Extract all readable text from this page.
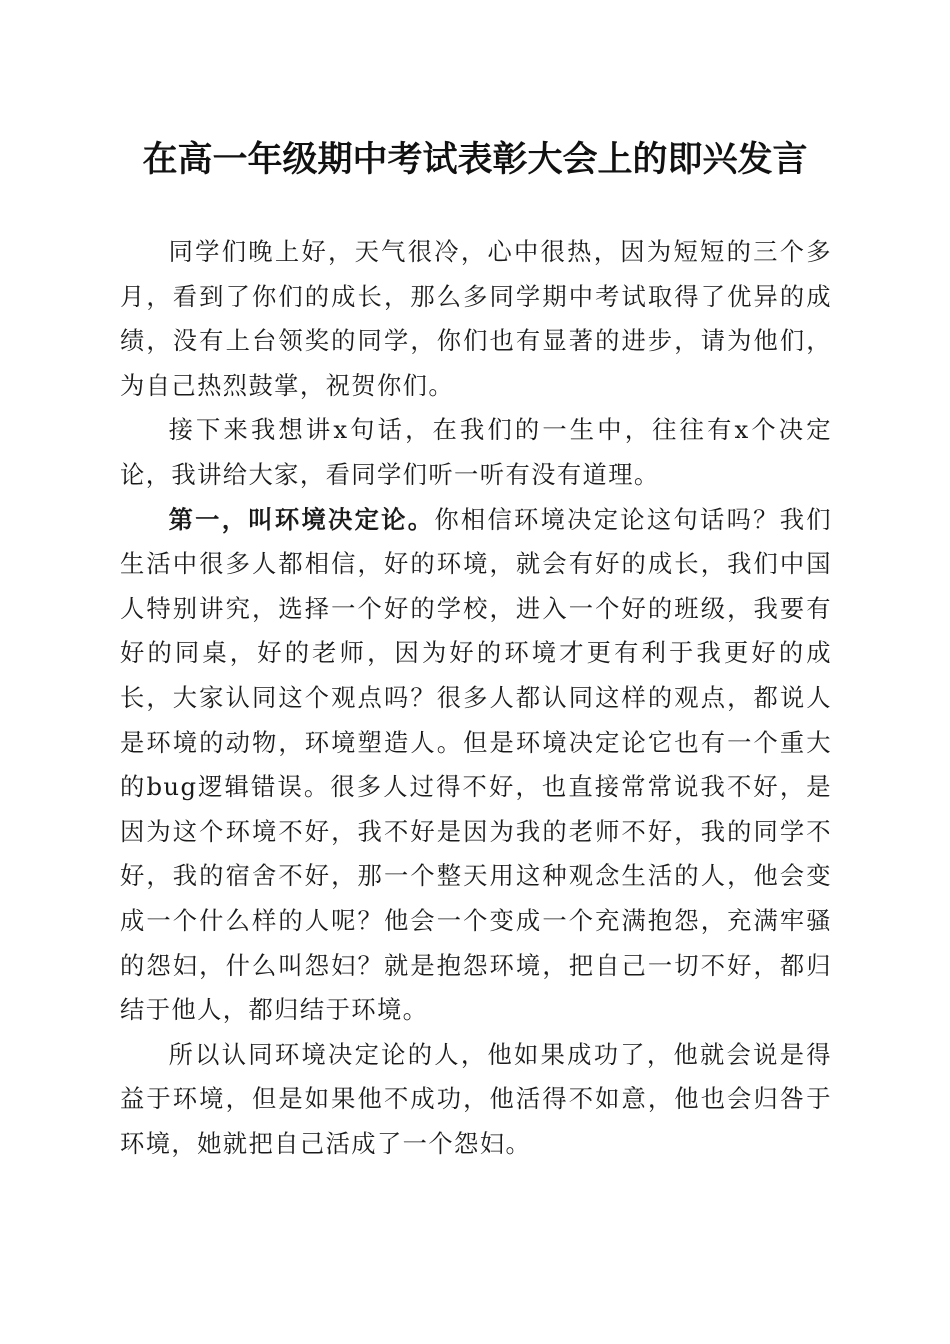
在高一年级期中考试表彰大会上的即兴发言

同学们晚上好，天气很冷，心中很热，因为短短的三个多月，看到了你们的成长，那么多同学期中考试取得了优异的成绩，没有上台领奖的同学，你们也有显著的进步，请为他们，为自己热烈鼓掌，祝贺你们。

接下来我想讲x句话，在我们的一生中，往往有x个决定论，我讲给大家，看同学们听一听有没有道理。

第一，叫环境决定论。你相信环境决定论这句话吗？我们生活中很多人都相信，好的环境，就会有好的成长，我们中国人特别讲究，选择一个好的学校，进入一个好的班级，我要有好的同桌，好的老师，因为好的环境才更有利于我更好的成长，大家认同这个观点吗？很多人都认同这样的观点，都说人是环境的动物，环境塑造人。但是环境决定论它也有一个重大的bug逻辑错误。很多人过得不好，也直接常常说我不好，是因为这个环境不好，我不好是因为我的老师不好，我的同学不好，我的宿舍不好，那一个整天用这种观念生活的人，他会变成一个什么样的人呢？他会一个变成一个充满抱怨，充满牢骚的怨妇，什么叫怨妇？就是抱怨环境，把自己一切不好，都归结于他人，都归结于环境。

所以认同环境决定论的人，他如果成功了，他就会说是得益于环境，但是如果他不成功，他活得不如意，他也会归咎于环境，她就把自己活成了一个怨妇。
